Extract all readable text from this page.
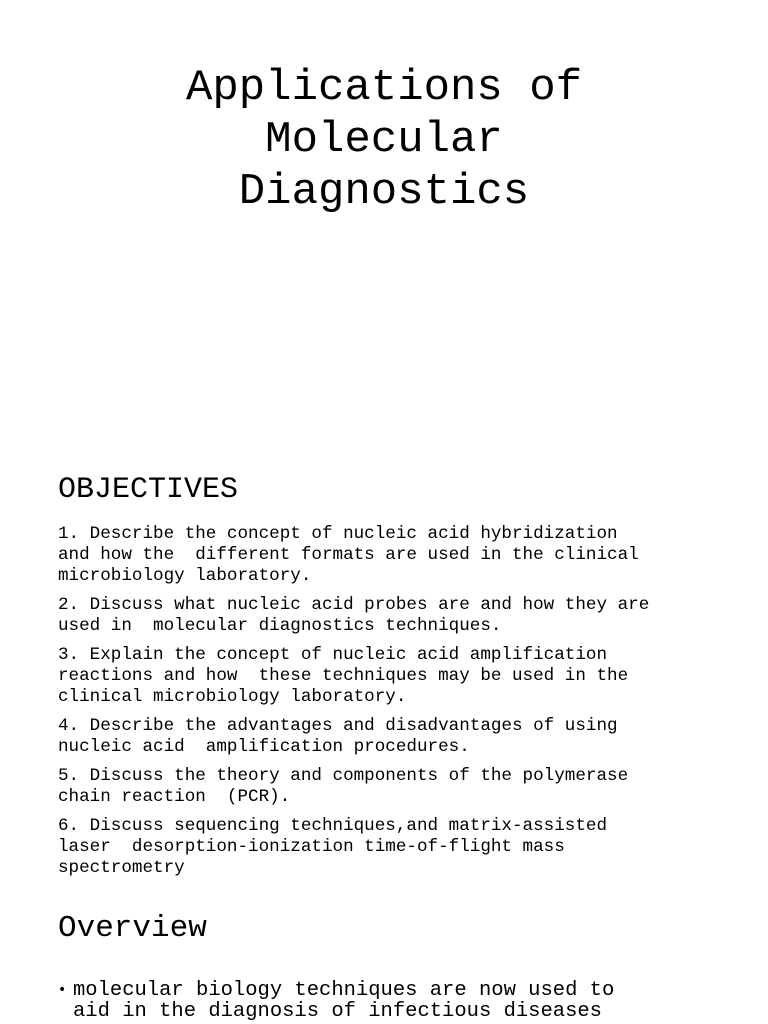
Applications of
Molecular
Diagnostics
OBJECTIVES
1. Describe the concept of nucleic acid hybridization
and how the  different formats are used in the clinical
microbiology laboratory.
2. Discuss what nucleic acid probes are and how they are
used in  molecular diagnostics techniques.
3. Explain the concept of nucleic acid amplification
reactions and how  these techniques may be used in the
clinical microbiology laboratory.
4. Describe the advantages and disadvantages of using
nucleic acid  amplification procedures.
5. Discuss the theory and components of the polymerase
chain reaction  (PCR).
6. Discuss sequencing techniques,and matrix-assisted
laser  desorption-ionization time-of-flight mass
spectrometry
Overview
• molecular biology techniques are now used to
aid in the diagnosis of infectious diseases
